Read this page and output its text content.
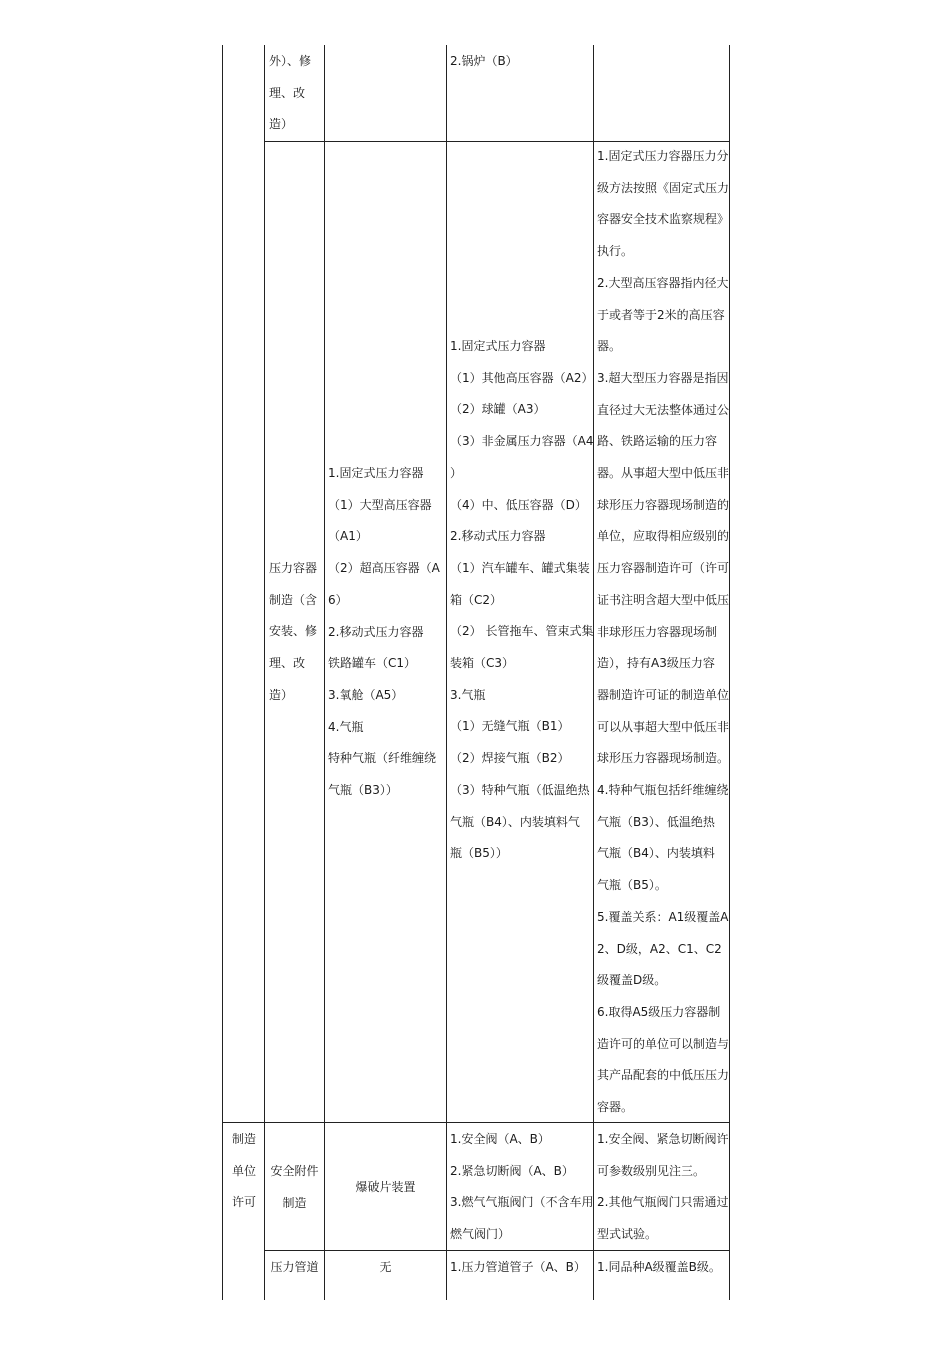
外）、修
理、改
造）
2.锅炉（B）
压力容器
制造（含
安装、修
理、改
造）
1.固定式压力容器
（1）大型高压容器
（A1）
（2）超高压容器（A
6）
2.移动式压力容器
铁路罐车（C1）
3.氧舱（A5）
4.气瓶
特种气瓶（纤维缠绕
气瓶（B3））
1.固定式压力容器
（1）其他高压容器（A2）
（2）球罐（A3）
（3）非金属压力容器（A4
）
（4）中、低压容器（D）
2.移动式压力容器
（1）汽车罐车、罐式集装
箱（C2）
（2） 长管拖车、管束式集
装箱（C3）
3.气瓶
（1）无缝气瓶（B1）
（2）焊接气瓶（B2）
（3）特种气瓶（低温绝热
气瓶（B4）、内装填料气
瓶（B5））
1.固定式压力容器压力分
级方法按照《固定式压力
容器安全技术监察规程》
执行。
2.大型高压容器指内径大
于或者等于2米的高压容
器。
3.超大型压力容器是指因
直径过大无法整体通过公
路、铁路运输的压力容
器。从事超大型中低压非
球形压力容器现场制造的
单位，应取得相应级别的
压力容器制造许可（许可
证书注明含超大型中低压
非球形压力容器现场制
造），持有A3级压力容
器制造许可证的制造单位
可以从事超大型中低压非
球形压力容器现场制造。
4.特种气瓶包括纤维缠绕
气瓶（B3）、低温绝热
气瓶（B4）、内装填料
气瓶（B5）。
5.覆盖关系：A1级覆盖A
2、D级，A2、C1、C2
级覆盖D级。
6.取得A5级压力容器制
造许可的单位可以制造与
其产品配套的中低压压力
容器。
制造
单位
许可
安全附件
制造
爆破片装置
1.安全阀（A、B）
2.紧急切断阀（A、B）
3.燃气气瓶阀门（不含车用
燃气阀门）
1.安全阀、紧急切断阀许
可参数级别见注三。
2.其他气瓶阀门只需通过
型式试验。
压力管道	无	1.压力管道管子（A、B） 1.同品种A级覆盖B级。
